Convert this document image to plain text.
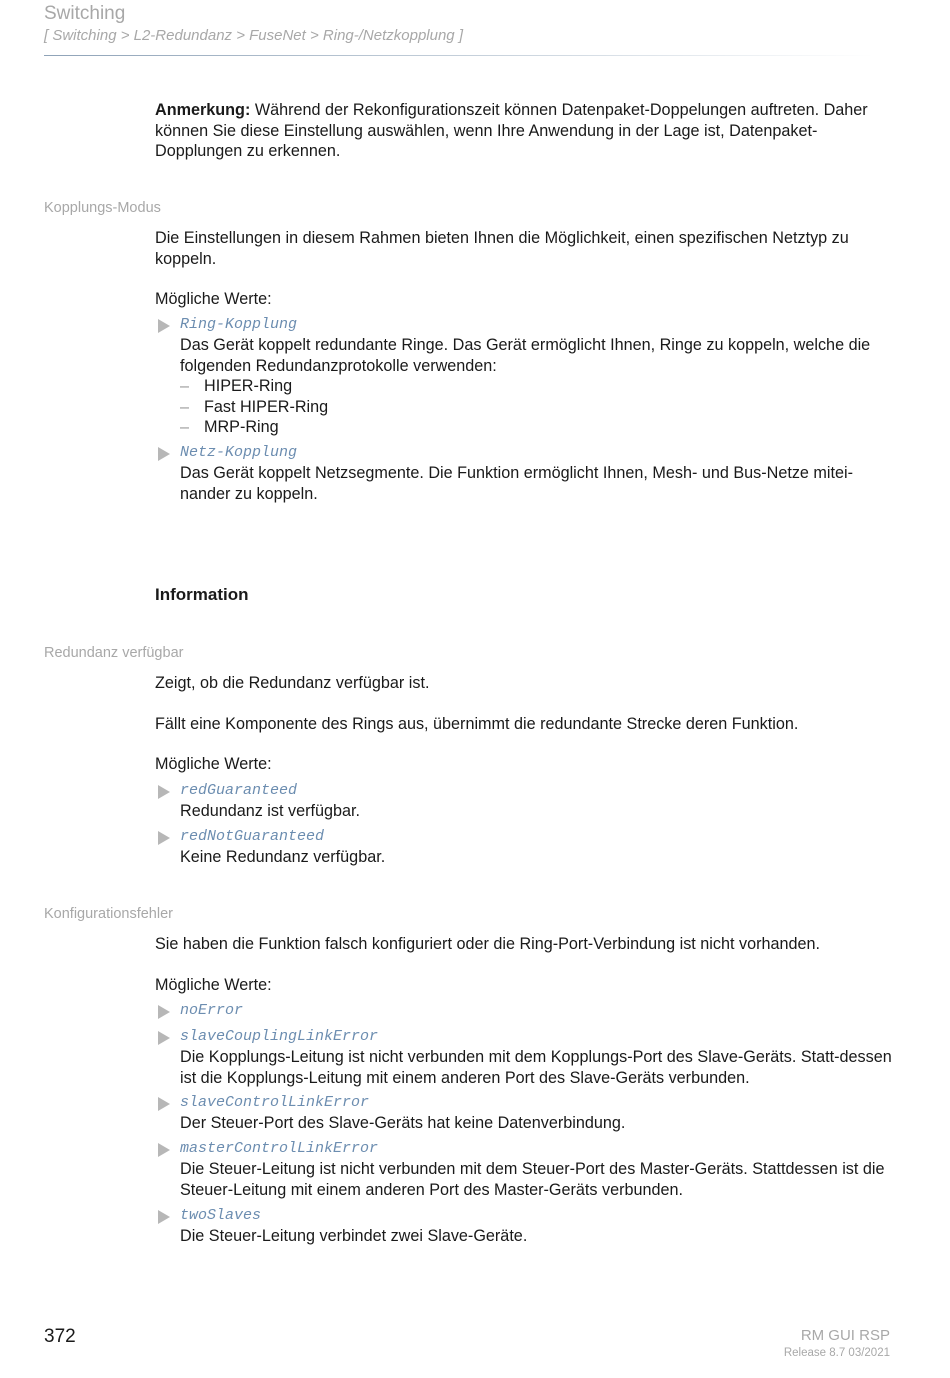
Switching
[ Switching > L2-Redundanz > FuseNet > Ring-/Netzkopplung ]

Anmerkung: Während der Rekonfigurationszeit können Datenpaket-Doppelungen auftreten. Daher können Sie diese Einstellung auswählen, wenn Ihre Anwendung in der Lage ist, Datenpaket-Dopplungen zu erkennen.

Kopplungs-Modus

Die Einstellungen in diesem Rahmen bieten Ihnen die Möglichkeit, einen spezifischen Netztyp zu koppeln.

Mögliche Werte:

Ring-Kopplung

Das Gerät koppelt redundante Ringe. Das Gerät ermöglicht Ihnen, Ringe zu koppeln, welche die folgenden Redundanzprotokolle verwenden:

– HIPER-Ring
– Fast HIPER-Ring
– MRP-Ring
Netz-Kopplung

Das Gerät koppelt Netzsegmente. Die Funktion ermöglicht Ihnen, Mesh- und Bus-Netze mitei-nander zu koppeln.

Information
Redundanz verfügbar

Zeigt, ob die Redundanz verfügbar ist.

Fällt eine Komponente des Rings aus, übernimmt die redundante Strecke deren Funktion.

Mögliche Werte:

redGuaranteed

Redundanz ist verfügbar.

redNotGuaranteed

Keine Redundanz verfügbar.

Konfigurationsfehler

Sie haben die Funktion falsch konfiguriert oder die Ring-Port-Verbindung ist nicht vorhanden.

Mögliche Werte:

noError
slaveCouplingLinkError

Die Kopplungs-Leitung ist nicht verbunden mit dem Kopplungs-Port des Slave-Geräts. Statt-dessen ist die Kopplungs-Leitung mit einem anderen Port des Slave-Geräts verbunden.

slaveControlLinkError

Der Steuer-Port des Slave-Geräts hat keine Datenverbindung.

masterControlLinkError

Die Steuer-Leitung ist nicht verbunden mit dem Steuer-Port des Master-Geräts. Stattdessen ist die Steuer-Leitung mit einem anderen Port des Master-Geräts verbunden.

twoSlaves

Die Steuer-Leitung verbindet zwei Slave-Geräte.

372	RM GUI RSP
Release 8.7 03/2021
